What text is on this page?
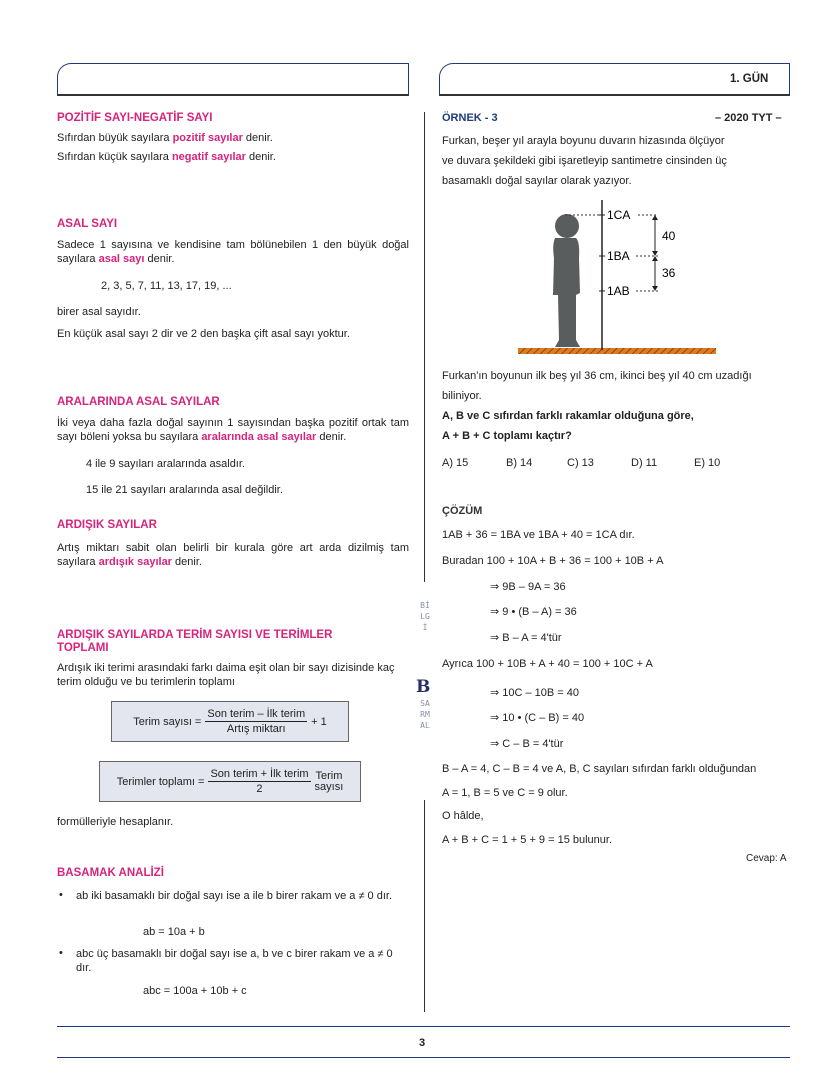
1. GÜN
BİLGİ
B
SARMAL
POZİTİF SAYI-NEGATİF SAYI
Sıfırdan büyük sayılara pozitif sayılar denir.
Sıfırdan küçük sayılara negatif sayılar denir.
ASAL SAYI
Sadece 1 sayısına ve kendisine tam bölünebilen 1 den büyük doğal sayılara asal sayı denir.
2, 3, 5, 7, 11, 13, 17, 19, ...
birer asal sayıdır.
En küçük asal sayı 2 dir ve 2 den başka çift asal sayı yoktur.
ARALARINDA ASAL SAYILAR
İki veya daha fazla doğal sayının 1 sayısından başka pozitif ortak tam sayı böleni yoksa bu sayılara aralarında asal sayılar denir.
4 ile 9 sayıları aralarında asaldır.
15 ile 21 sayıları aralarında asal değildir.
ARDIŞIK SAYILAR
Artış miktarı sabit olan belirli bir kurala göre art arda dizilmiş tam sayılara ardışık sayılar denir.
ARDIŞIK SAYILARDA TERİM SAYISI VE TERİMLER TOPLAMI
Ardışık iki terimi arasındaki farkı daima eşit olan bir sayı dizisinde kaç terim olduğu ve bu terimlerin toplamı
Terim sayısı = $\frac{\text{Son terim – İlk terim}}{\text{Artış miktarı}} + 1$
Terimler toplamı = $\frac{\text{Son terim + İlk terim}}{2}$ Terim
sayısı
formülleriyle hesaplanır.
BASAMAK ANALİZİ
• ab iki basamaklı bir doğal sayı ise a ile b birer rakam ve a ≠ 0 dır.
ab = 10a + b
• abc üç basamaklı bir doğal sayı ise a, b ve c birer rakam ve a ≠ 0 dır.
abc = 100a + 10b + c
ÖRNEK - 3	– 2020 TYT –
Furkan, beşer yıl arayla boyunu duvarın hizasında ölçüyor
ve duvara şekildeki gibi işaretleyip santimetre cinsinden üç
basamaklı doğal sayılar olarak yazıyor.
1CA
1BA
1AB
40
36
Furkan'ın boyunun ilk beş yıl 36 cm, ikinci beş yıl 40 cm uzadığı
biliniyor.
A, B ve C sıfırdan farklı rakamlar olduğuna göre,
A + B + C toplamı kaçtır?
A) 15	B) 14	C) 13	D) 11	E) 10
ÇÖZÜM
1AB + 36 = 1BA ve 1BA + 40 = 1CA dır.
Buradan 100 + 10A + B + 36 = 100 + 10B + A
⇒ 9B – 9A = 36
⇒ 9 • (B – A) = 36
⇒ B – A = 4'tür
Ayrıca 100 + 10B + A + 40 = 100 + 10C + A
⇒ 10C – 10B = 40
⇒ 10 • (C – B) = 40
⇒ C – B = 4'tür
B – A = 4, C – B = 4 ve A, B, C sayıları sıfırdan farklı olduğundan
A = 1, B = 5 ve C = 9 olur.
O hâlde,
A + B + C = 1 + 5 + 9 = 15 bulunur.
Cevap: A
3
